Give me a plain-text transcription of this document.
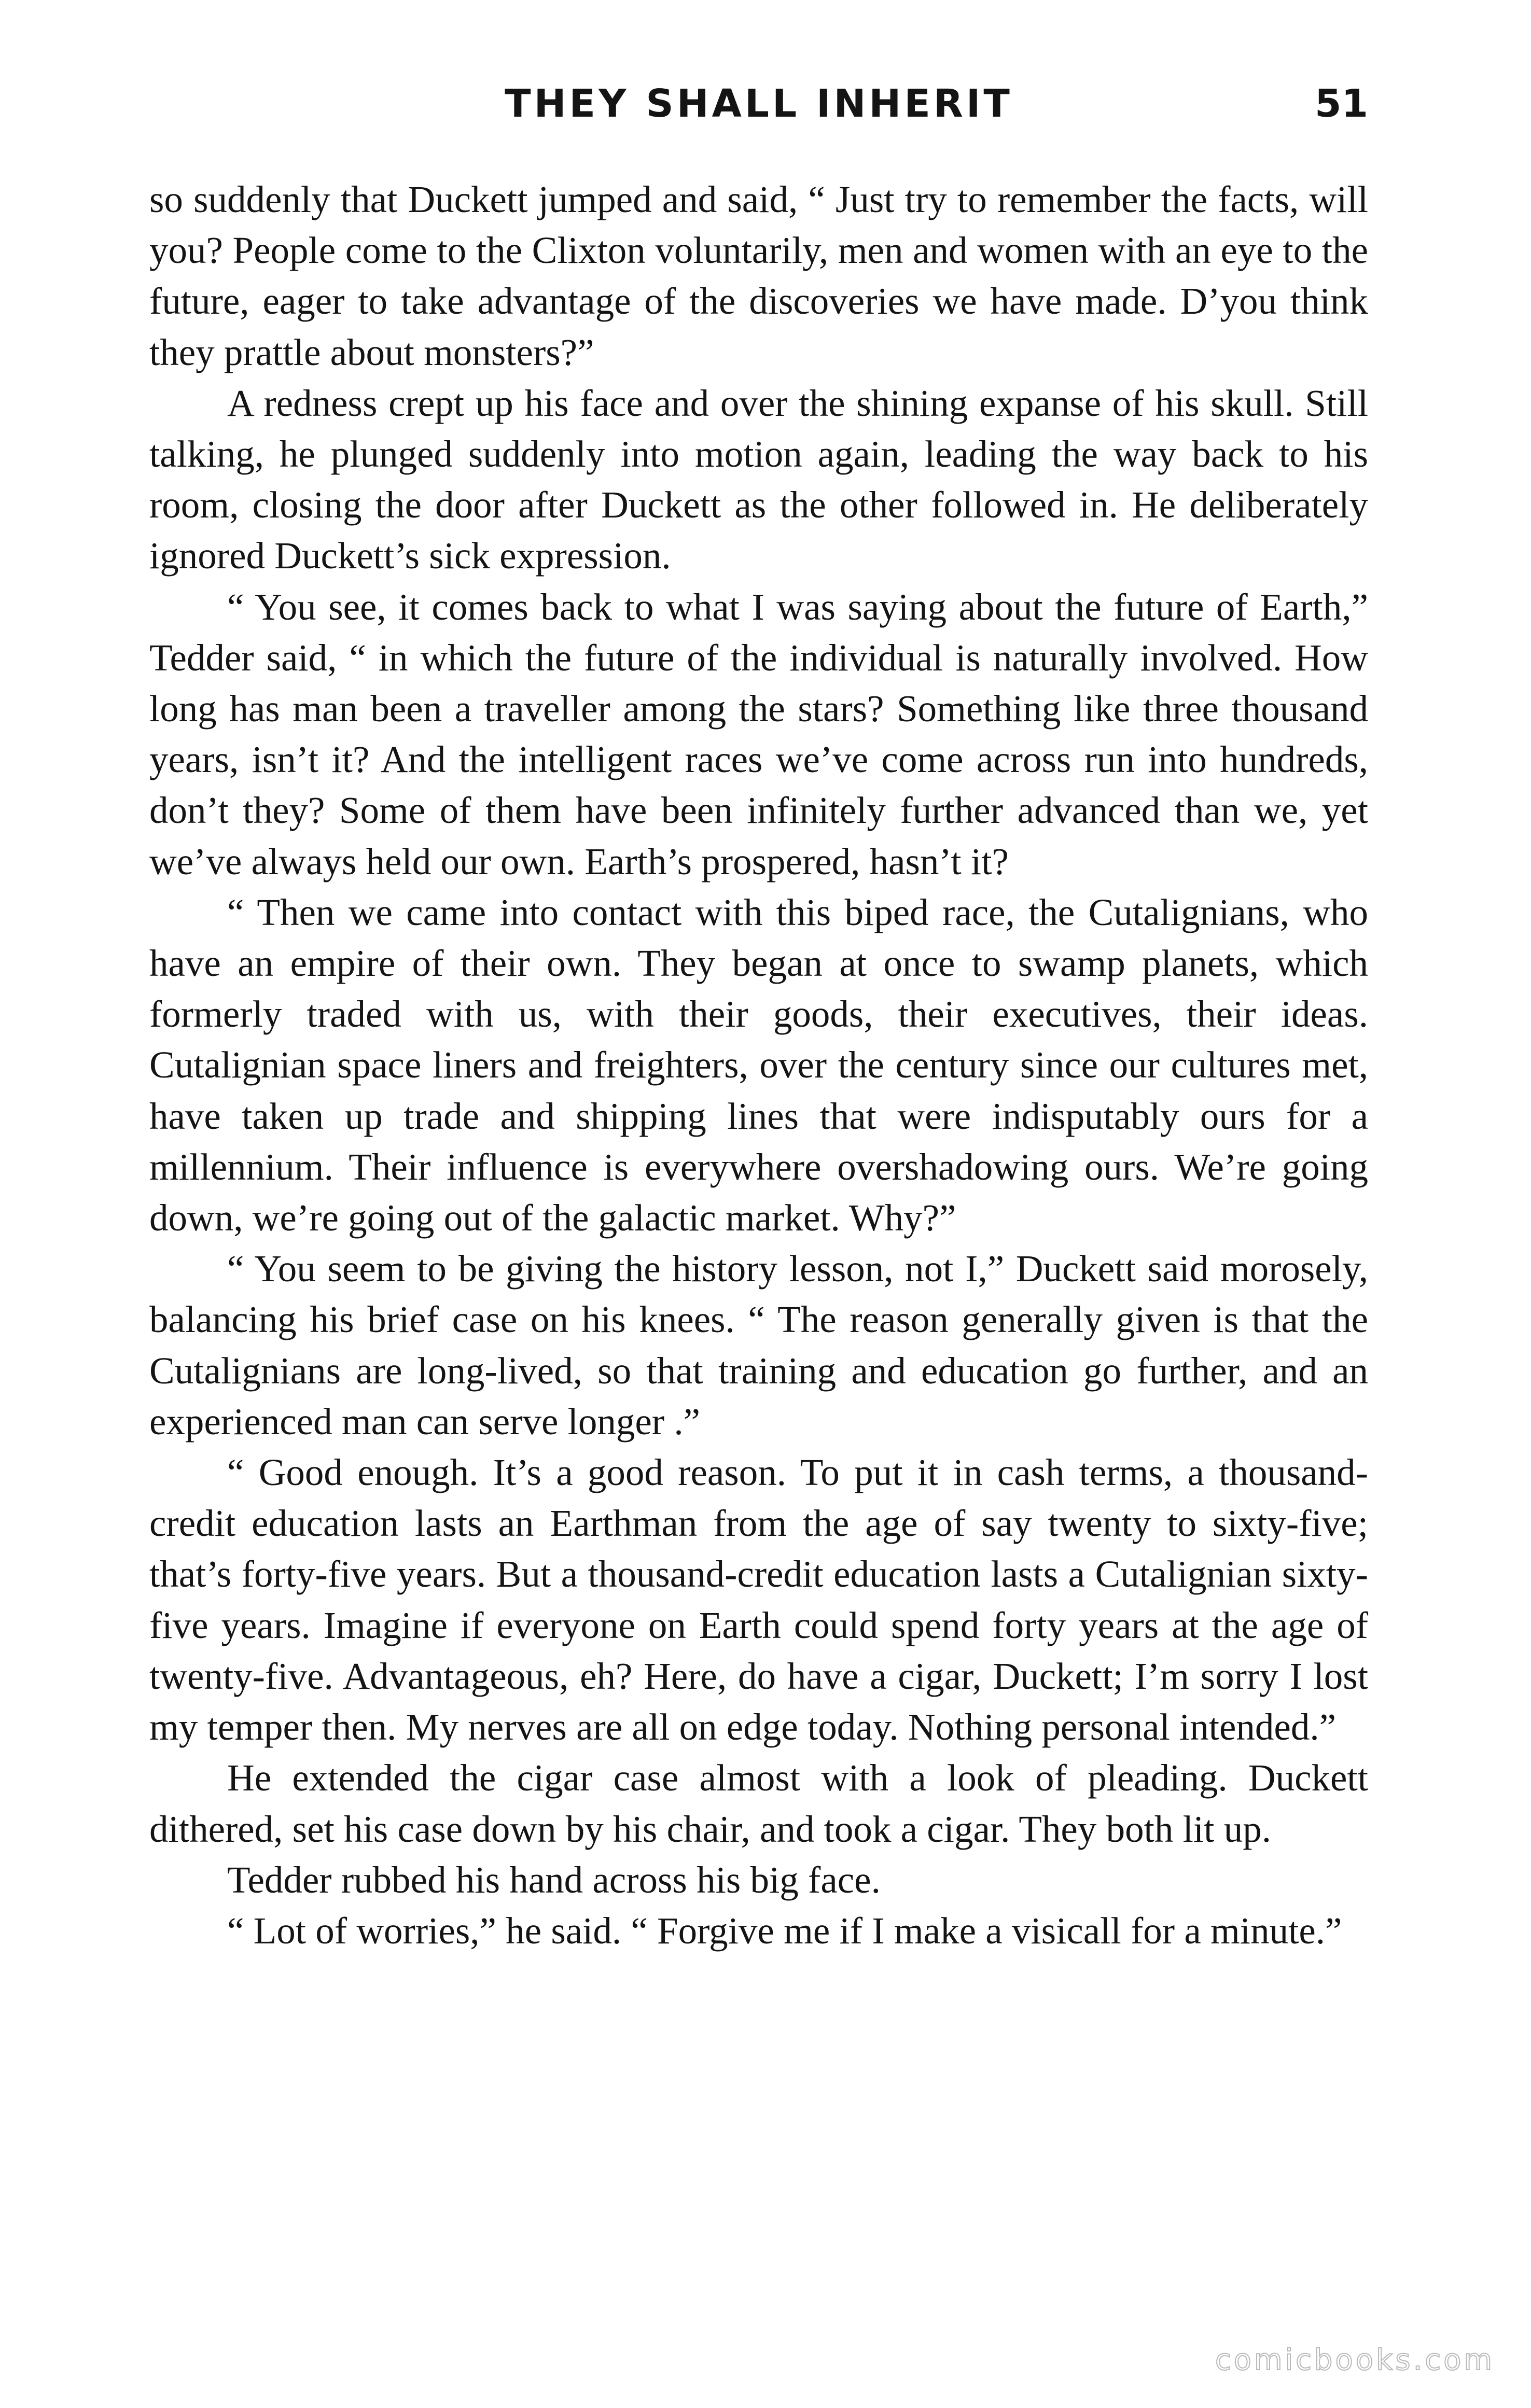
THEY SHALL INHERIT	51

so suddenly that Duckett jumped and said, “ Just try to remember the facts, will you? People come to the Clixton voluntarily, men and women with an eye to the future, eager to take advantage of the discoveries we have made. D’you think they prattle about monsters?”

A redness crept up his face and over the shining expanse of his skull. Still talking, he plunged suddenly into motion again, leading the way back to his room, closing the door after Duckett as the other followed in. He deliberately ignored Duckett’s sick expression.

“ You see, it comes back to what I was saying about the future of Earth,” Tedder said, “ in which the future of the individual is naturally involved. How long has man been a traveller among the stars? Something like three thousand years, isn’t it? And the intelligent races we’ve come across run into hundreds, don’t they? Some of them have been infinitely further advanced than we, yet we’ve always held our own. Earth’s prospered, hasn’t it?

“ Then we came into contact with this biped race, the Cutalignians, who have an empire of their own. They began at once to swamp planets, which formerly traded with us, with their goods, their executives, their ideas. Cutalignian space liners and freighters, over the century since our cultures met, have taken up trade and shipping lines that were indisputably ours for a millennium. Their influence is everywhere overshadowing ours. We’re going down, we’re going out of the galactic market. Why?”

“ You seem to be giving the history lesson, not I,” Duckett said morosely, balancing his brief case on his knees. “ The reason generally given is that the Cutalignians are long-lived, so that training and education go further, and an experienced man can serve longer .”

“ Good enough. It’s a good reason. To put it in cash terms, a thousand-credit education lasts an Earthman from the age of say twenty to sixty-five; that’s forty-five years. But a thousand-credit education lasts a Cutalignian sixty-five years. Imagine if everyone on Earth could spend forty years at the age of twenty-five. Advantageous, eh? Here, do have a cigar, Duckett; I’m sorry I lost my temper then. My nerves are all on edge today. Nothing personal intended.”

He extended the cigar case almost with a look of pleading. Duckett dithered, set his case down by his chair, and took a cigar. They both lit up.

Tedder rubbed his hand across his big face.

“ Lot of worries,” he said. “ Forgive me if I make a visicall for a minute.”

comicbooks.com
